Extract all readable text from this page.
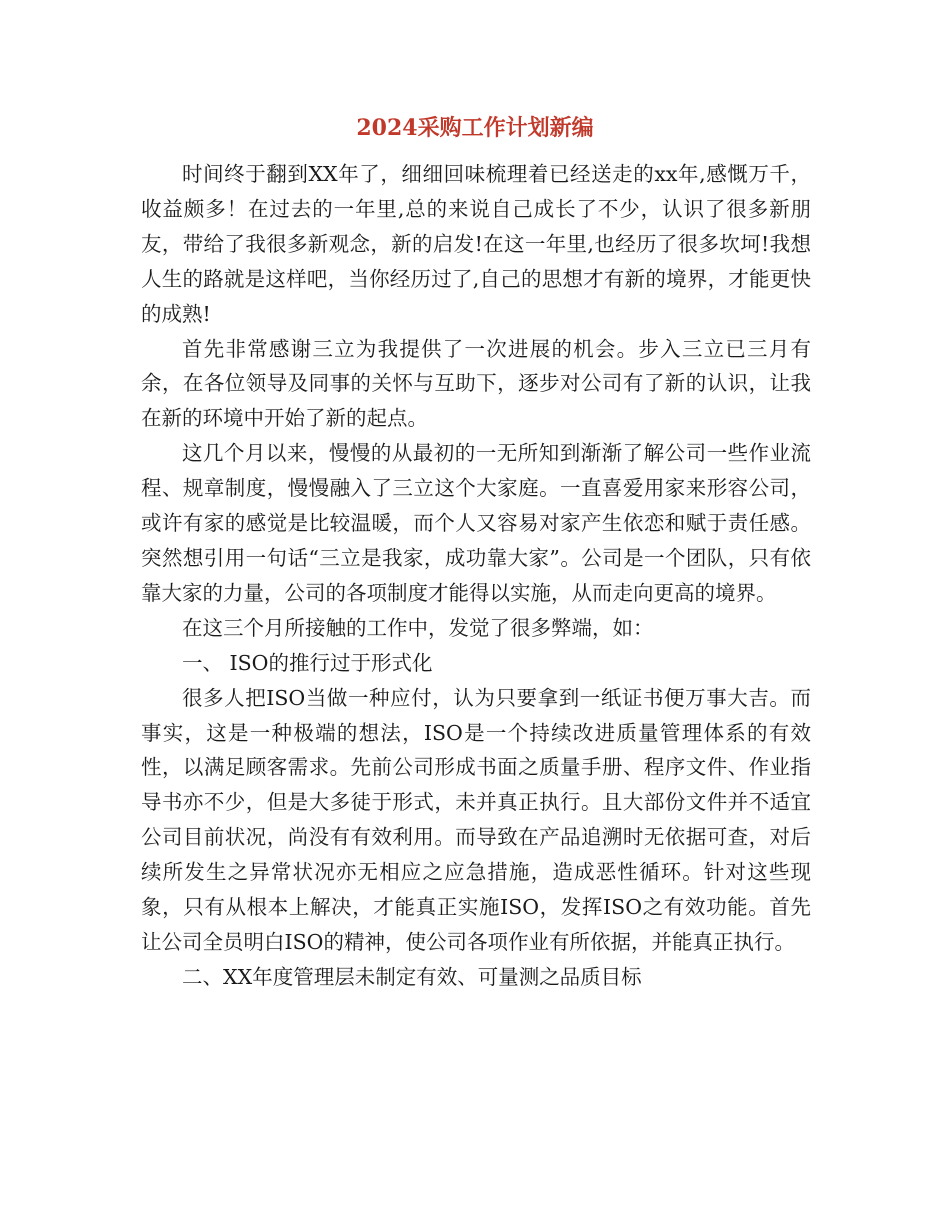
2024采购工作计划新编

时间终于翻到XX年了，细细回味梳理着已经送走的xx年,感慨万千，收益颇多！在过去的一年里,总的来说自己成长了不少，认识了很多新朋友，带给了我很多新观念，新的启发!在这一年里,也经历了很多坎坷!我想人生的路就是这样吧，当你经历过了,自己的思想才有新的境界，才能更快的成熟!

首先非常感谢三立为我提供了一次进展的机会。步入三立已三月有余，在各位领导及同事的关怀与互助下，逐步对公司有了新的认识，让我在新的环境中开始了新的起点。

这几个月以来，慢慢的从最初的一无所知到渐渐了解公司一些作业流程、规章制度，慢慢融入了三立这个大家庭。一直喜爱用家来形容公司，或许有家的感觉是比较温暖，而个人又容易对家产生依恋和赋于责任感。突然想引用一句话“三立是我家，成功靠大家”。公司是一个团队，只有依靠大家的力量，公司的各项制度才能得以实施，从而走向更高的境界。

在这三个月所接触的工作中，发觉了很多弊端，如：

一、 ISO的推行过于形式化

很多人把ISO当做一种应付，认为只要拿到一纸证书便万事大吉。而事实，这是一种极端的想法，ISO是一个持续改进质量管理体系的有效性，以满足顾客需求。先前公司形成书面之质量手册、程序文件、作业指导书亦不少，但是大多徒于形式，未并真正执行。且大部份文件并不适宜公司目前状况，尚没有有效利用。而导致在产品追溯时无依据可查，对后续所发生之异常状况亦无相应之应急措施，造成恶性循环。针对这些现象，只有从根本上解决，才能真正实施ISO，发挥ISO之有效功能。首先让公司全员明白ISO的精神，使公司各项作业有所依据，并能真正执行。

二、XX年度管理层未制定有效、可量测之品质目标
